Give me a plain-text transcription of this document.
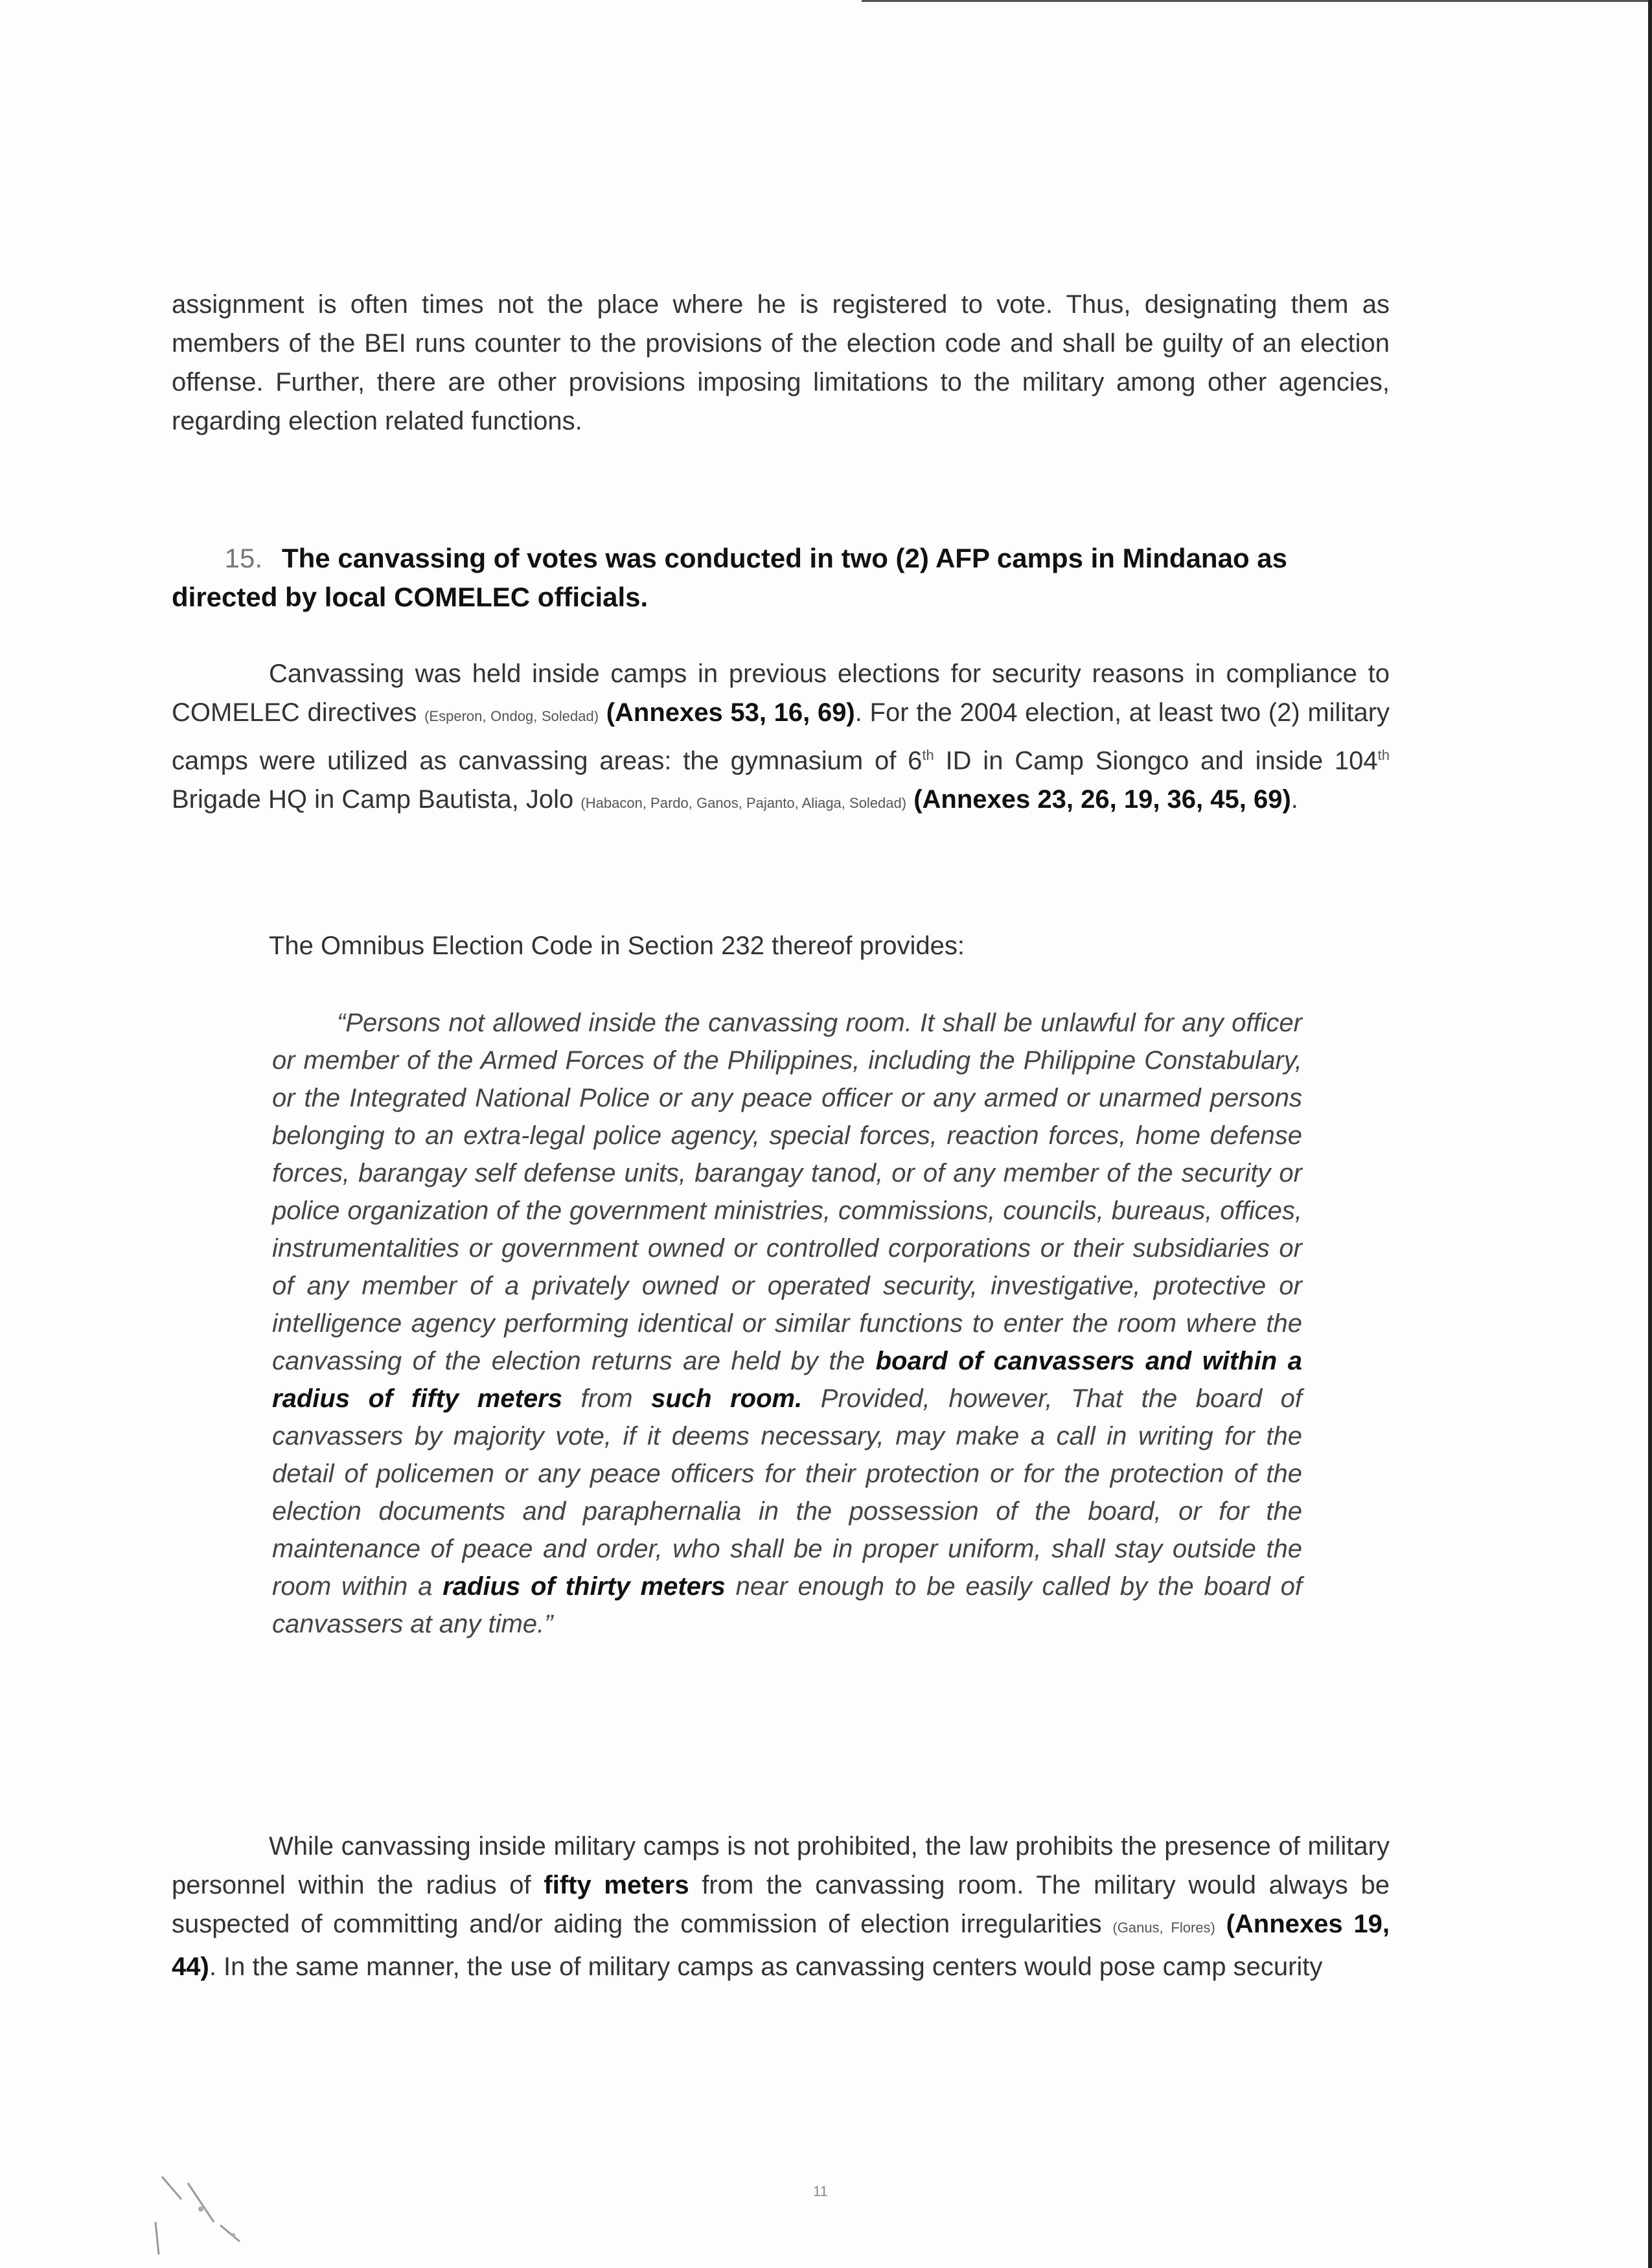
assignment is often times not the place where he is registered to vote. Thus, designating them as members of the BEI runs counter to the provisions of the election code and shall be guilty of an election offense. Further, there are other provisions imposing limitations to the military among other agencies, regarding election related functions.
15. The canvassing of votes was conducted in two (2) AFP camps in Mindanao as directed by local COMELEC officials.
Canvassing was held inside camps in previous elections for security reasons in compliance to COMELEC directives (Esperon, Ondog, Soledad) (Annexes 53, 16, 69). For the 2004 election, at least two (2) military camps were utilized as canvassing areas: the gymnasium of 6th ID in Camp Siongco and inside 104th Brigade HQ in Camp Bautista, Jolo (Habacon, Pardo, Ganos, Pajanto, Aliaga, Soledad) (Annexes 23, 26, 19, 36, 45, 69).
The Omnibus Election Code in Section 232 thereof provides:
“Persons not allowed inside the canvassing room. It shall be unlawful for any officer or member of the Armed Forces of the Philippines, including the Philippine Constabulary, or the Integrated National Police or any peace officer or any armed or unarmed persons belonging to an extra-legal police agency, special forces, reaction forces, home defense forces, barangay self defense units, barangay tanod, or of any member of the security or police organization of the government ministries, commissions, councils, bureaus, offices, instrumentalities or government owned or controlled corporations or their subsidiaries or of any member of a privately owned or operated security, investigative, protective or intelligence agency performing identical or similar functions to enter the room where the canvassing of the election returns are held by the board of canvassers and within a radius of fifty meters from such room. Provided, however, That the board of canvassers by majority vote, if it deems necessary, may make a call in writing for the detail of policemen or any peace officers for their protection or for the protection of the election documents and paraphernalia in the possession of the board, or for the maintenance of peace and order, who shall be in proper uniform, shall stay outside the room within a radius of thirty meters near enough to be easily called by the board of canvassers at any time.”
While canvassing inside military camps is not prohibited, the law prohibits the presence of military personnel within the radius of fifty meters from the canvassing room. The military would always be suspected of committing and/or aiding the commission of election irregularities (Ganus, Flores) (Annexes 19, 44). In the same manner, the use of military camps as canvassing centers would pose camp security
11
